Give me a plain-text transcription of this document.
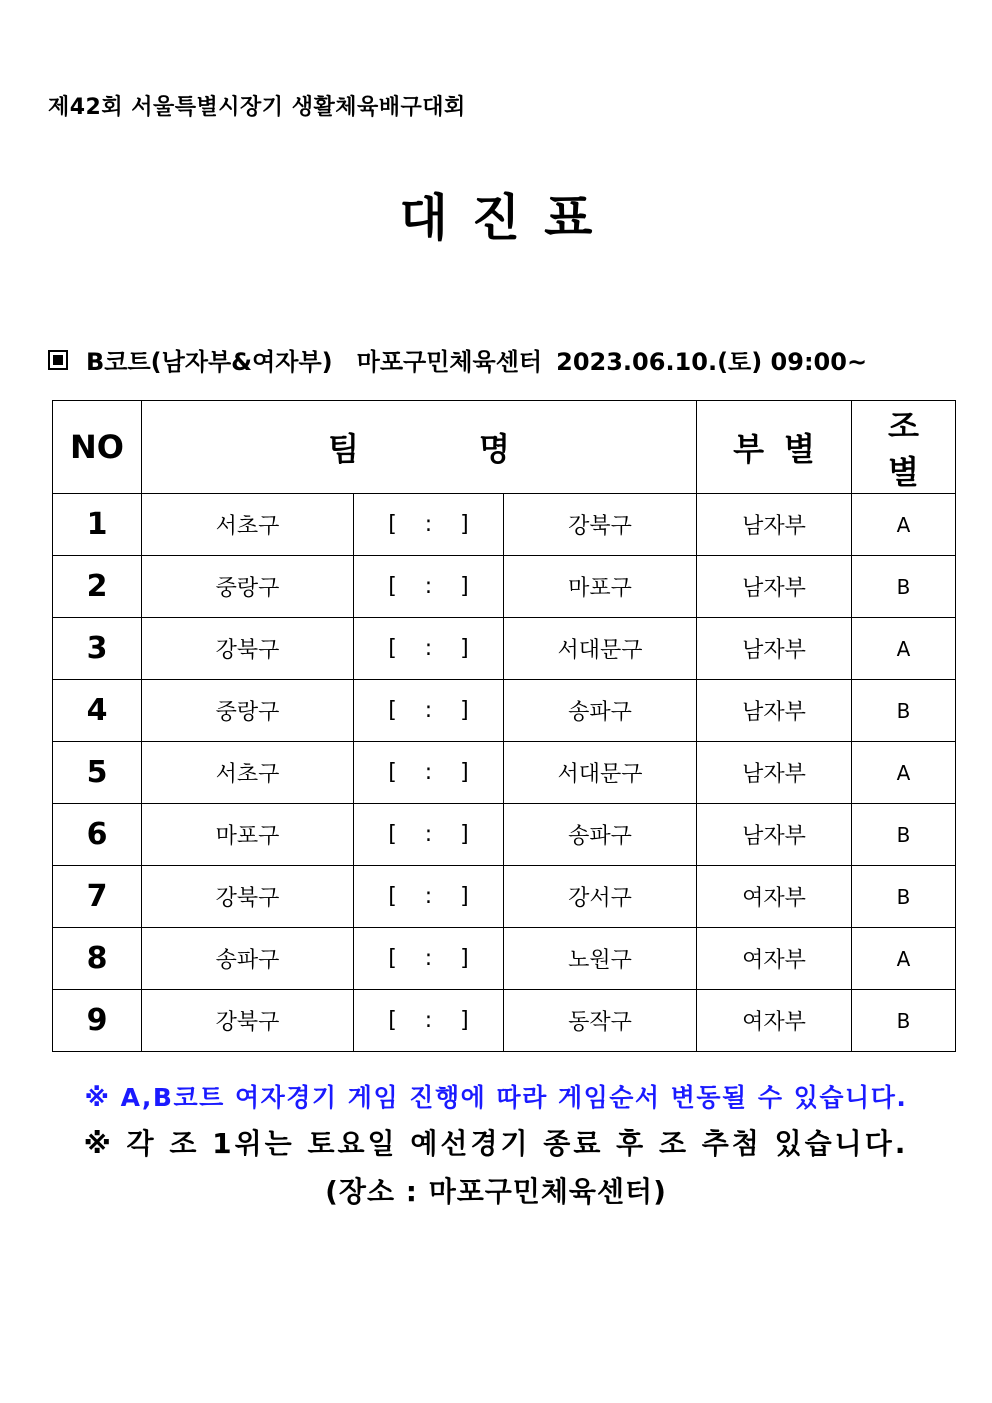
제42회 서울특별시장기 생활체육배구대회
대진표
B코트(남자부&여자부) 마포구민체육센터 2023.06.10.(토) 09:00~
NO	팀명			부별	조별
1	서초구	[    :    ]	강북구	남자부	A
2	중랑구	[    :    ]	마포구	남자부	B
3	강북구	[    :    ]	서대문구	남자부	A
4	중랑구	[    :    ]	송파구	남자부	B
5	서초구	[    :    ]	서대문구	남자부	A
6	마포구	[    :    ]	송파구	남자부	B
7	강북구	[    :    ]	강서구	여자부	B
8	송파구	[    :    ]	노원구	여자부	A
9	강북구	[    :    ]	동작구	여자부	B
※ A,B코트 여자경기 게임 진행에 따라 게임순서 변동될 수 있습니다.
※ 각 조 1위는 토요일 예선경기 종료 후 조 추첨 있습니다.
(장소 : 마포구민체육센터)
